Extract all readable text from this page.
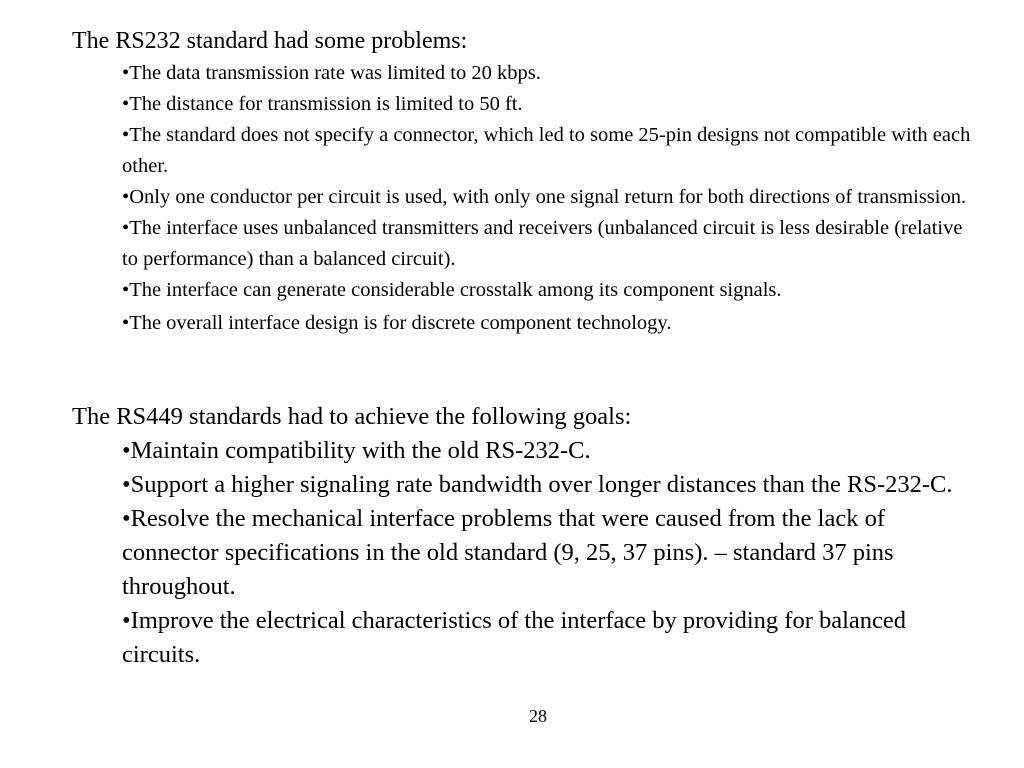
The RS232 standard had some problems:

• The data transmission rate was limited to 20 kbps.
• The distance for transmission is limited to 50 ft.
• The standard does not specify a connector, which led to some 25-pin designs not compatible with each other.
• Only one conductor per circuit is used, with only one signal return for both directions of transmission.
• The interface uses unbalanced transmitters and receivers (unbalanced circuit is less desirable (relative to performance) than a balanced circuit).
• The interface can generate considerable crosstalk among its component signals.
• The overall interface design is for discrete component technology.

The RS449 standards had to achieve the following goals:

• Maintain compatibility with the old RS-232-C.
• Support a higher signaling rate bandwidth over longer distances than the RS-232-C.
• Resolve the mechanical interface problems that were caused from the lack of connector specifications in the old standard (9, 25, 37 pins). – standard 37 pins throughout.
• Improve the electrical characteristics of the interface by providing for balanced circuits.
28
